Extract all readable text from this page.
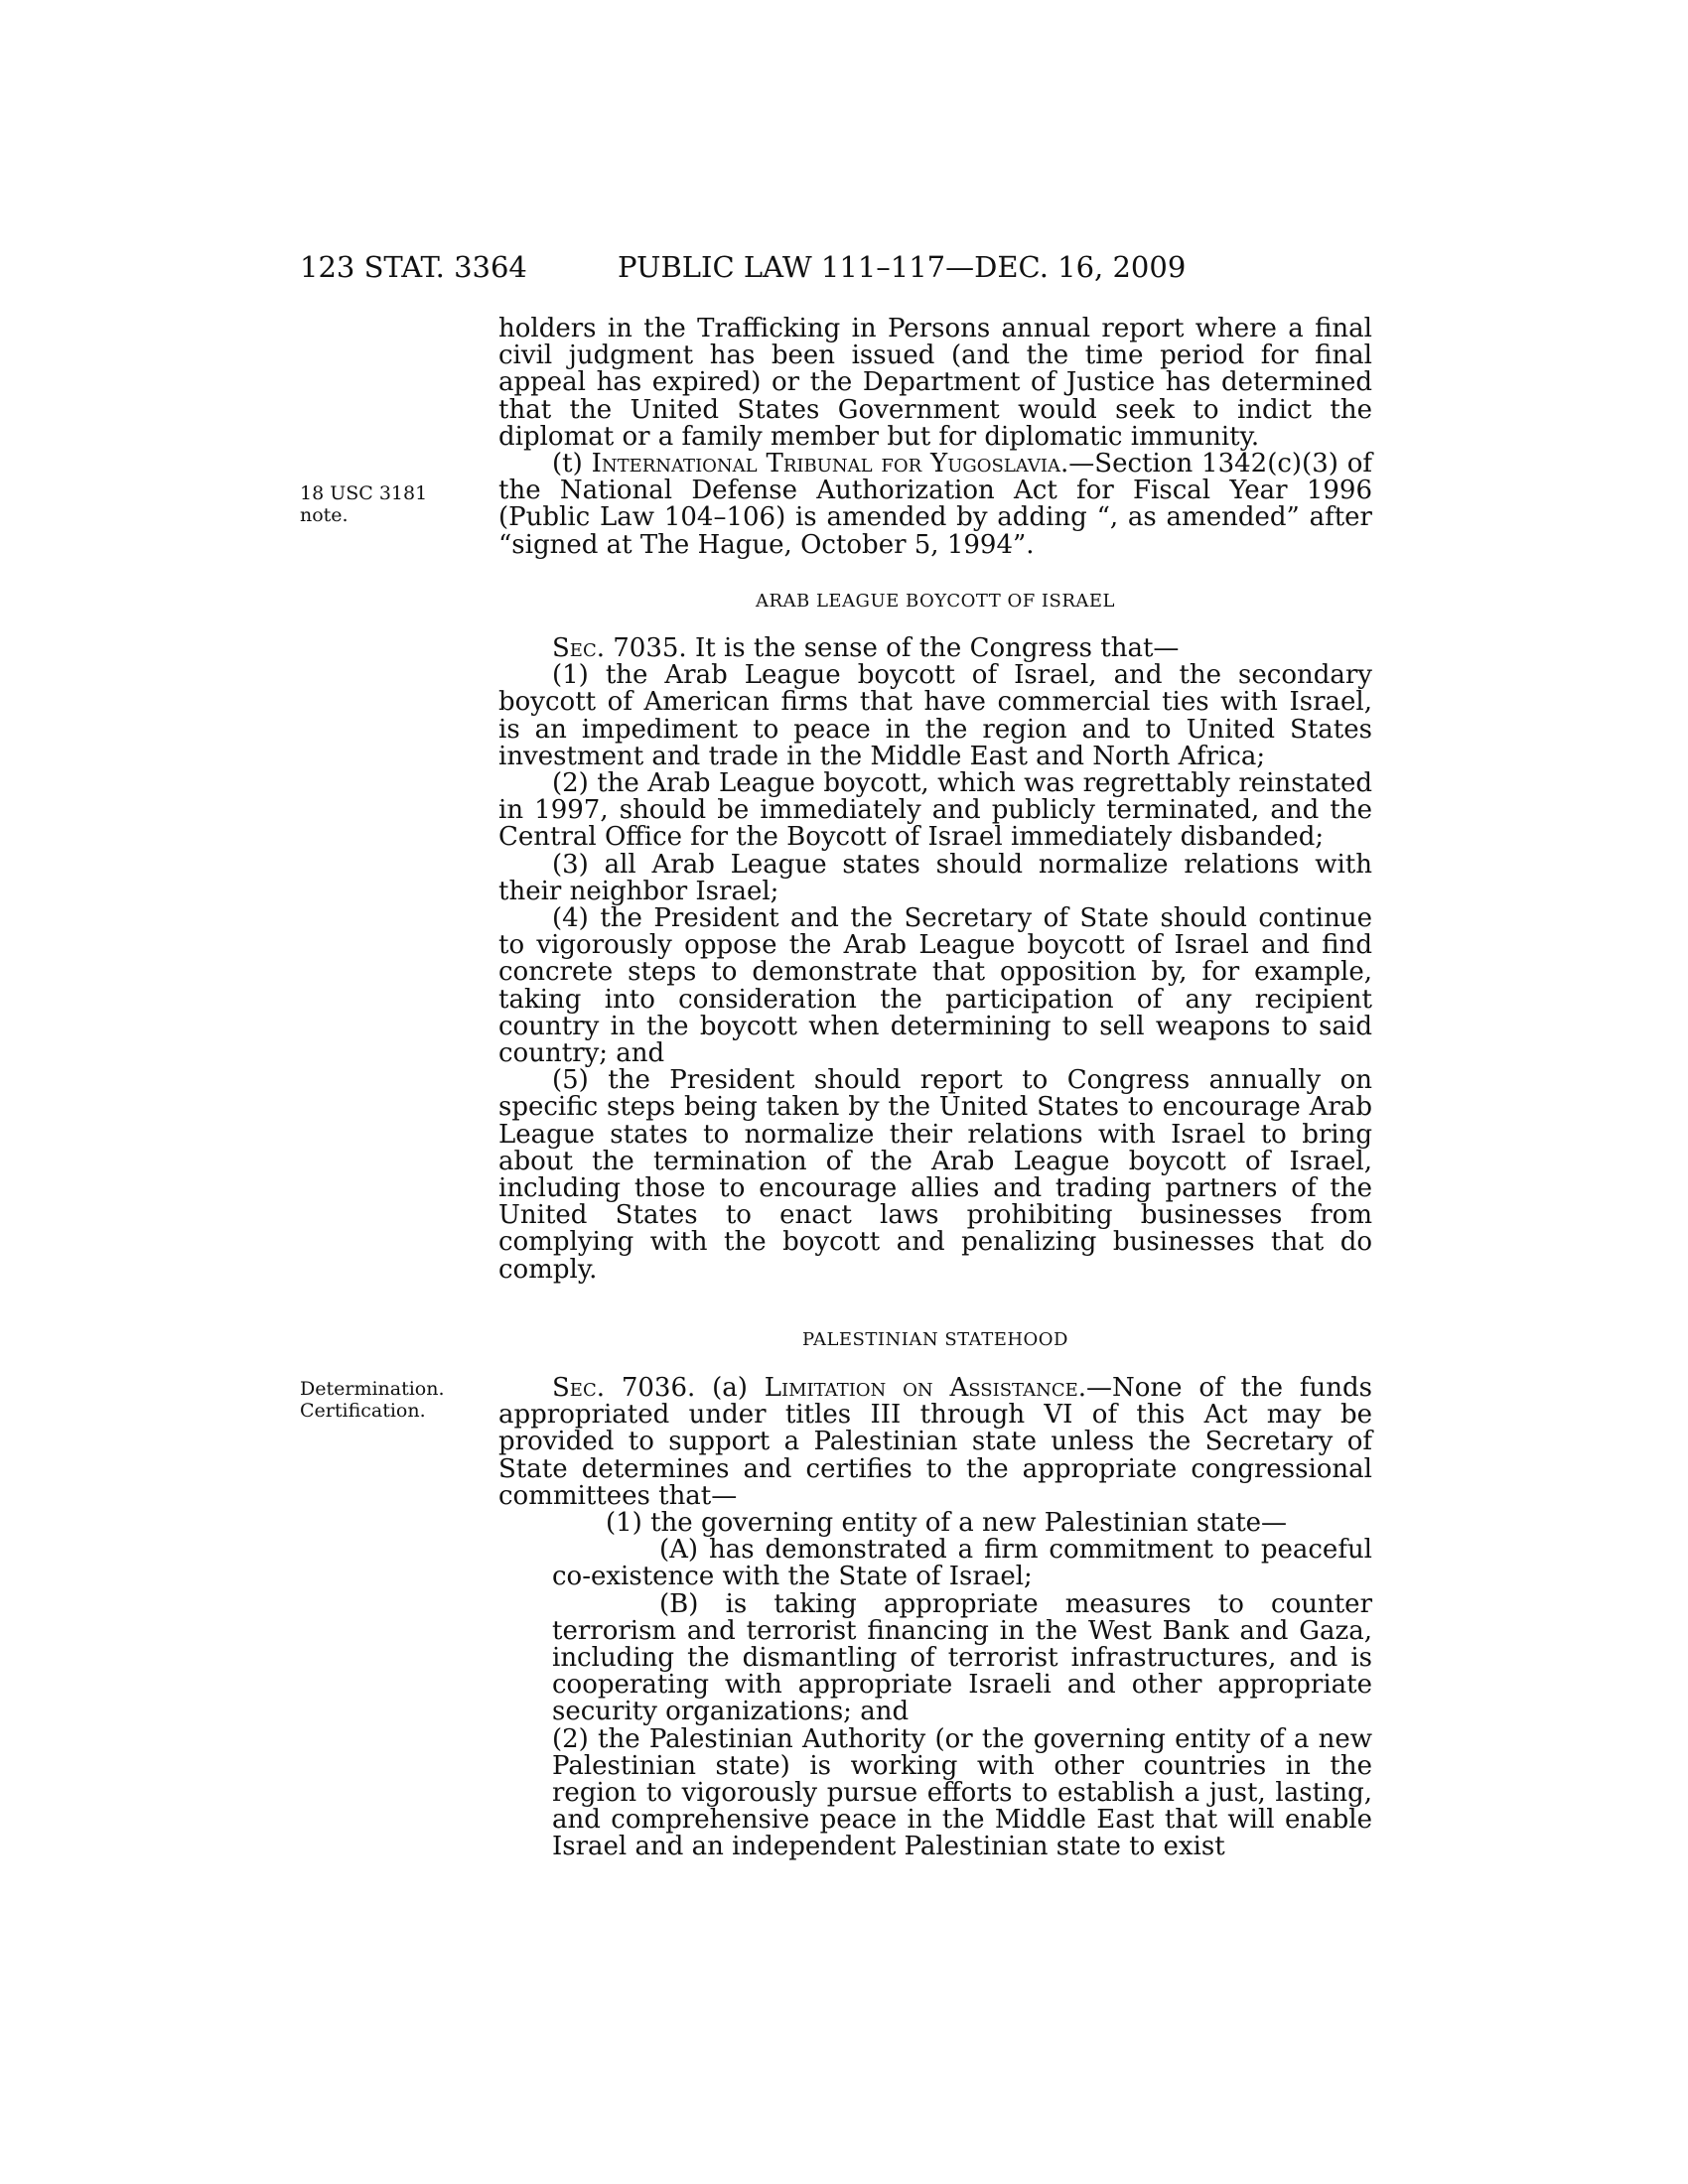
123 STAT. 3364	PUBLIC LAW 111–117—DEC. 16, 2009
18 USC 3181
note.
Determination.
Certification.

holders in the Trafficking in Persons annual report where a final civil judgment has been issued (and the time period for final appeal has expired) or the Department of Justice has determined that the United States Government would seek to indict the diplomat or a family member but for diplomatic immunity.

(t) International Tribunal for Yugoslavia.—Section 1342(c)(3) of the National Defense Authorization Act for Fiscal Year 1996 (Public Law 104–106) is amended by adding “, as amended” after “signed at The Hague, October 5, 1994”.

ARAB LEAGUE BOYCOTT OF ISRAEL

Sec. 7035. It is the sense of the Congress that—

(1) the Arab League boycott of Israel, and the secondary boycott of American firms that have commercial ties with Israel, is an impediment to peace in the region and to United States investment and trade in the Middle East and North Africa;

(2) the Arab League boycott, which was regrettably reinstated in 1997, should be immediately and publicly terminated, and the Central Office for the Boycott of Israel immediately disbanded;

(3) all Arab League states should normalize relations with their neighbor Israel;

(4) the President and the Secretary of State should continue to vigorously oppose the Arab League boycott of Israel and find concrete steps to demonstrate that opposition by, for example, taking into consideration the participation of any recipient country in the boycott when determining to sell weapons to said country; and

(5) the President should report to Congress annually on specific steps being taken by the United States to encourage Arab League states to normalize their relations with Israel to bring about the termination of the Arab League boycott of Israel, including those to encourage allies and trading partners of the United States to enact laws prohibiting businesses from complying with the boycott and penalizing businesses that do comply.

PALESTINIAN STATEHOOD

Sec. 7036. (a) Limitation on Assistance.—None of the funds appropriated under titles III through VI of this Act may be provided to support a Palestinian state unless the Secretary of State determines and certifies to the appropriate congressional committees that—

(1) the governing entity of a new Palestinian state—

(A) has demonstrated a firm commitment to peaceful co-existence with the State of Israel;

(B) is taking appropriate measures to counter terrorism and terrorist financing in the West Bank and Gaza, including the dismantling of terrorist infrastructures, and is cooperating with appropriate Israeli and other appropriate security organizations; and

(2) the Palestinian Authority (or the governing entity of a new Palestinian state) is working with other countries in the region to vigorously pursue efforts to establish a just, lasting, and comprehensive peace in the Middle East that will enable Israel and an independent Palestinian state to exist
